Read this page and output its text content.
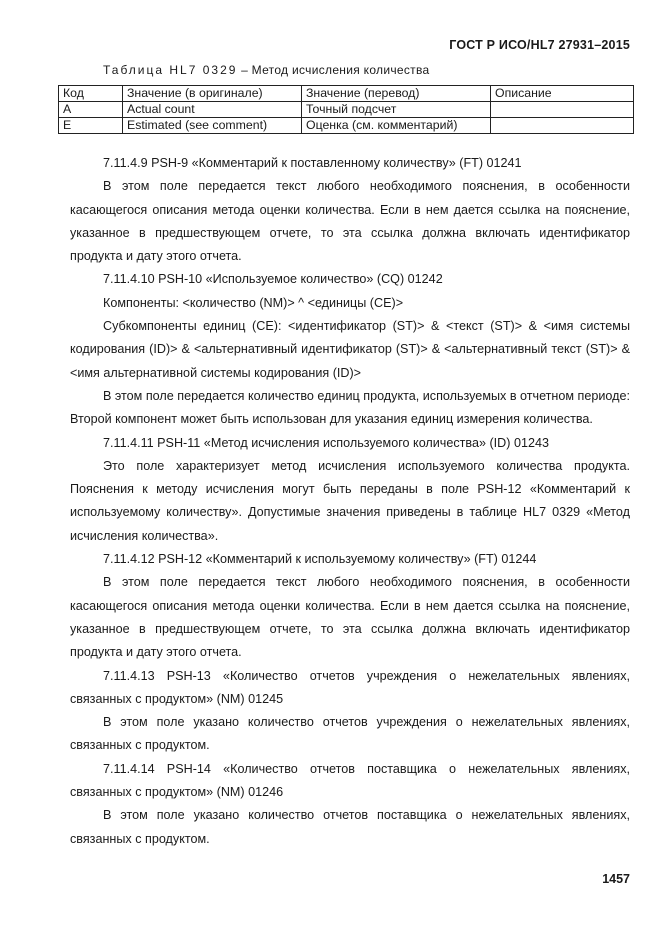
ГОСТ Р ИСО/HL7 27931–2015
Таблица HL7 0329 – Метод исчисления количества
Код	Значение (в оригинале)	Значение (перевод)	Описание
A	Actual count	Точный подсчет	
E	Estimated (see comment)	Оценка (см. комментарий)	

7.11.4.9 PSH-9 «Комментарий к поставленному количеству» (FT) 01241

В этом поле передается текст любого необходимого пояснения, в особенности касающегося описания метода оценки количества. Если в нем дается ссылка на пояснение, указанное в предшествующем отчете, то эта ссылка должна включать идентификатор продукта и дату этого отчета.

7.11.4.10 PSH-10 «Используемое количество» (CQ) 01242

Компоненты: <количество (NM)> ^ <единицы (CE)>

Субкомпоненты единиц (CE): <идентификатор (ST)> & <текст (ST)> & <имя системы кодирования (ID)> & <альтернативный идентификатор (ST)> & <альтернативный текст (ST)> & <имя альтернативной системы кодирования (ID)>

В этом поле передается количество единиц продукта, используемых в отчетном периоде: Второй компонент может быть использован для указания единиц измерения количества.

7.11.4.11 PSH-11 «Метод исчисления используемого количества» (ID) 01243

Это поле характеризует метод исчисления используемого количества продукта. Пояснения к методу исчисления могут быть переданы в поле PSH-12 «Комментарий к используемому количеству». Допустимые значения приведены в таблице HL7 0329 «Метод исчисления количества».

7.11.4.12 PSH-12 «Комментарий к используемому количеству» (FT) 01244

В этом поле передается текст любого необходимого пояснения, в особенности касающегося описания метода оценки количества. Если в нем дается ссылка на пояснение, указанное в предшествующем отчете, то эта ссылка должна включать идентификатор продукта и дату этого отчета.

7.11.4.13 PSH-13 «Количество отчетов учреждения о нежелательных явлениях, связанных с продуктом» (NM) 01245

В этом поле указано количество отчетов учреждения о нежелательных явлениях, связанных с продуктом.

7.11.4.14 PSH-14 «Количество отчетов поставщика о нежелательных явлениях, связанных с продуктом» (NM) 01246

В этом поле указано количество отчетов поставщика о нежелательных явлениях, связанных с продуктом.

1457
